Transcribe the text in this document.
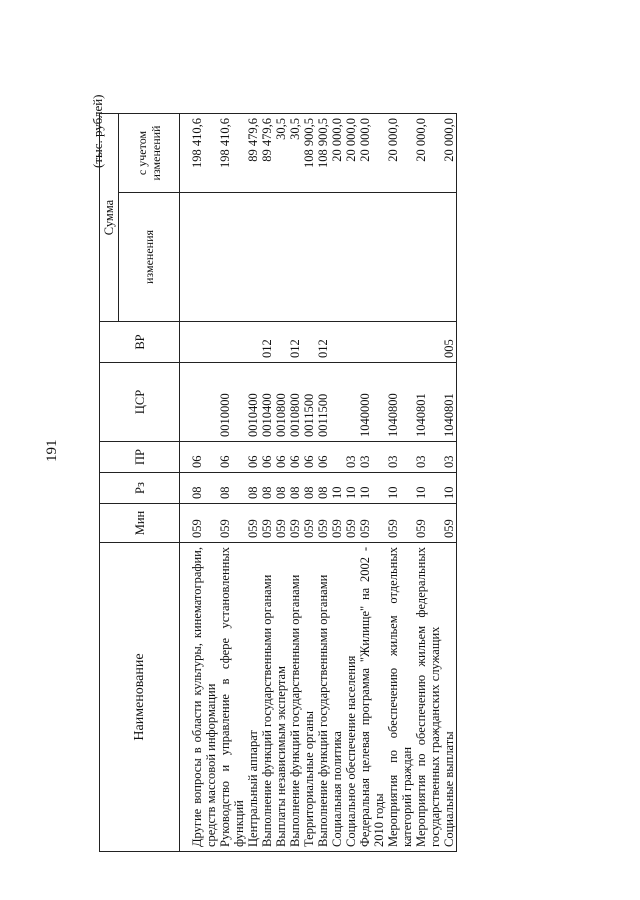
191
(тыс. рублей)
Наименование	Мин	Рз	ПР	ЦСР	ВР	Сумма	
						изменения	с учетом изменений

Другие вопросы в области культуры, кинематографии, средств массовой информации	059	08	06				198 410,6
Руководство и управление в сфере установленных функций	059	08	06	0010000			198 410,6
Центральный аппарат	059	08	06	0010400			89 479,6
Выполнение функций государственными органами	059	08	06	0010400	012		89 479,6
Выплаты независимым экспертам	059	08	06	0010800			30,5
Выполнение функций государственными органами	059	08	06	0010800	012		30,5
Территориальные органы	059	08	06	0011500			108 900,5
Выполнение функций государственными органами	059	08	06	0011500	012		108 900,5
Социальная политика	059	10					20 000,0
Социальное обеспечение населения	059	10	03				20 000,0
Федеральная целевая программа "Жилище" на 2002 - 2010 годы	059	10	03	1040000			20 000,0
Мероприятия по обеспечению жильем отдельных категорий граждан	059	10	03	1040800			20 000,0
Мероприятия по обеспечению жильем федеральных государственных гражданских служащих	059	10	03	1040801			20 000,0
Социальные выплаты	059	10	03	1040801	005		20 000,0
